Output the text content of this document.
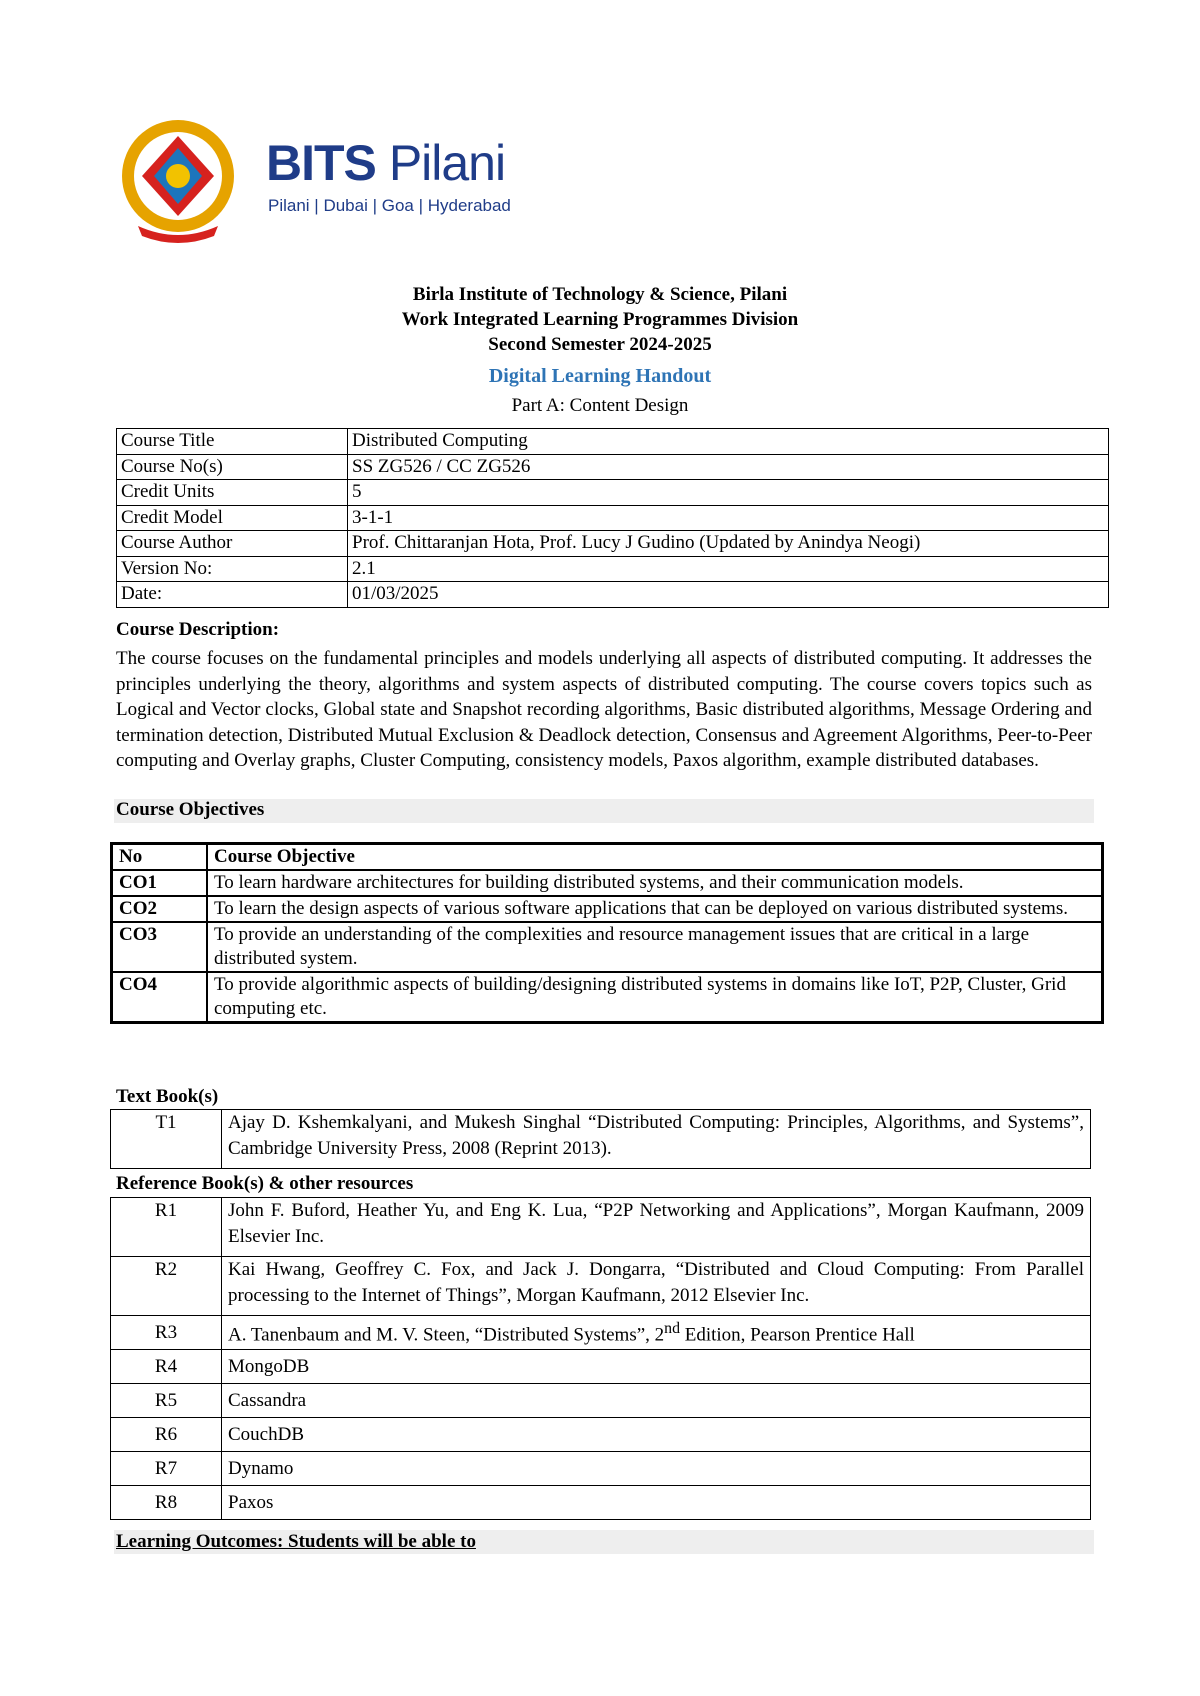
BITS Pilani
Pilani | Dubai | Goa | Hyderabad
Birla Institute of Technology & Science, Pilani
Work Integrated Learning Programmes Division
Second Semester 2024-2025
Digital Learning Handout
Part A: Content Design
Course Title	Distributed Computing
Course No(s)	SS ZG526 / CC ZG526
Credit Units	5
Credit Model	3-1-1
Course Author	Prof. Chittaranjan Hota, Prof. Lucy J Gudino (Updated by Anindya Neogi)
Version No:	2.1
Date:	01/03/2025
Course Description:
The course focuses on the fundamental principles and models underlying all aspects of distributed computing. It addresses the principles underlying the theory, algorithms and system aspects of distributed computing. The course covers topics such as Logical and Vector clocks, Global state and Snapshot recording algorithms, Basic distributed algorithms, Message Ordering and termination detection, Distributed Mutual Exclusion & Deadlock detection, Consensus and Agreement Algorithms, Peer-to-Peer computing and Overlay graphs, Cluster Computing, consistency models, Paxos algorithm, example distributed databases.
Course Objectives
No	Course Objective
CO1	To learn hardware architectures for building distributed systems, and their communication models.
CO2	To learn the design aspects of various software applications that can be deployed on various distributed systems.
CO3	To provide an understanding of the complexities and resource management issues that are critical in a large distributed system.
CO4	To provide algorithmic aspects of building/designing distributed systems in domains like IoT, P2P, Cluster, Grid computing etc.
Text Book(s)
T1	Ajay D. Kshemkalyani, and Mukesh Singhal “Distributed Computing: Principles, Algorithms, and Systems”, Cambridge University Press, 2008 (Reprint 2013).
Reference Book(s) & other resources
R1	John F. Buford, Heather Yu, and Eng K. Lua, “P2P Networking and Applications”, Morgan Kaufmann, 2009 Elsevier Inc.
R2	Kai Hwang, Geoffrey C. Fox, and Jack J. Dongarra, “Distributed and Cloud Computing: From Parallel processing to the Internet of Things”, Morgan Kaufmann, 2012 Elsevier Inc.
R3	A. Tanenbaum and M. V. Steen, “Distributed Systems”, 2nd Edition, Pearson Prentice Hall
R4	MongoDB
R5	Cassandra
R6	CouchDB
R7	Dynamo
R8	Paxos
Learning Outcomes: Students will be able to
